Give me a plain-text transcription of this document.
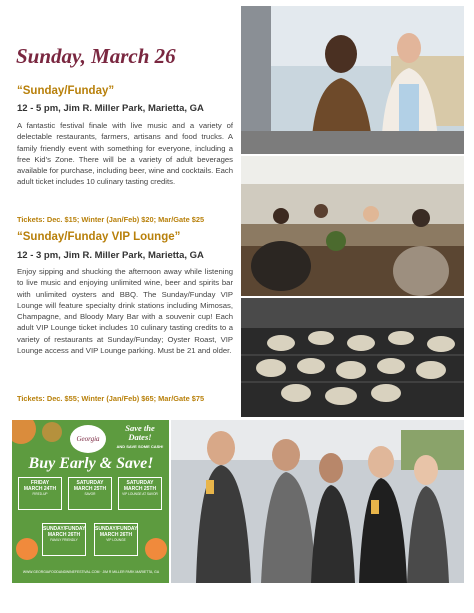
Sunday, March 26
“Sunday/Funday”
12 - 5 pm, Jim R. Miller Park, Marietta, GA
A fantastic festival finale with live music and a variety of delectable restaurants, farmers, artisans and food trucks. A family friendly event with something for everyone, including a free Kid’s Zone. There will be a variety of adult beverages available for purchase, including beer, wine and cocktails. Each adult ticket includes 10 culinary tasting credits.
Tickets: Dec. $15; Winter (Jan/Feb) $20; Mar/Gate $25
“Sunday/Funday VIP Lounge”
12 - 3 pm, Jim R. Miller Park, Marietta, GA
Enjoy sipping and shucking the afternoon away while listening to live music and enjoying unlimited wine, beer and spirits bar with unlimited oysters and BBQ. The Sunday/Funday VIP Lounge will feature specialty drink stations including Mimosas, Champagne, and Bloody Mary Bar with a souvenir cup! Each adult VIP Lounge ticket includes 10 culinary tasting credits to a variety of restaurants at Sunday/Funday; Oyster Roast, VIP Lounge access and VIP Lounge parking. Must be 21 and older.
Tickets: Dec. $55; Winter (Jan/Feb) $65; Mar/Gate $75
Georgia
Save the Dates!
AND SAVE SOME CASH!
Buy Early & Save!
FRIDAY
MARCH 24TH
FIRED-UP
SATURDAY
MARCH 25TH
SAVOR
SATURDAY
MARCH 25TH
VIP LOUNGE AT SAVOR
SUNDAY/FUNDAY
MARCH 26TH
FAMILY FRIENDLY
SUNDAY/FUNDAY
MARCH 26TH
VIP LOUNGE
WWW.GEORGIAFOODANDWINEFESTIVAL.COM · JIM R MILLER PARK MARIETTA, GA
